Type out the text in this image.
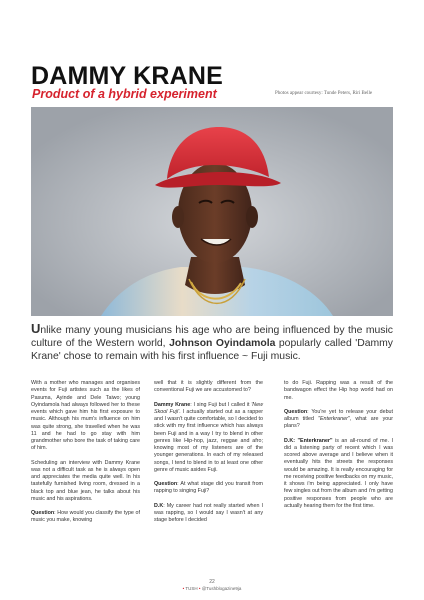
DAMMY KRANE
Product of a hybrid experiment	Photos appear courtesy: Tunde Peters, Riri Belle
Unlike many young musicians his age who are being influenced by the music culture of the Western world, Johnson Oyindamola popularly called 'Dammy Krane' chose to remain with his first influence ~ Fuji music.

With a mother who manages and organises events for Fuji artistes such as the likes of Pasuma, Ayinde and Dele Taiwo; young Oyindamola had always followed her to these events which gave him his first exposure to music. Although his mum's influence on him was quite strong, she travelled when he was 11 and he had to go stay with him grandmother who bore the task of taking care of him.

Scheduling an interview with Dammy Krane was not a difficult task as he is always open and appreciates the media quite well. In his tastefully furnished living room, dressed in a black top and blue jean, he talks about his music and his aspirations.

Question: How would you classify the type of music you make, knowing

well that it is slightly different from the conventional Fuji we are accustomed to?

Dammy Krane: I sing Fuji but I called it 'New Skool Fuji'. I actually started out as a rapper and I wasn't quite comfortable, so I decided to stick with my first influence which has always been Fuji and in a way I try to blend in other genres like Hip-hop, jazz, reggae and afro; knowing most of my listeners are of the younger generations. In each of my released songs, I tend to blend in to at least one other genre of music asides Fuji.

Question: At what stage did you transit from rapping to singing Fuji?

D.K: My career had not really started when I was rapping, so I would say I wasn't at any stage before I decided

to do Fuji. Rapping was a result of the bandwagon effect the Hip hop world had on me.

Question: You're yet to release your debut album titled "Enterkraner", what are your plans?

D.K: "Enterkraner" is an all-round of me. I did a listening party of recent which I was scored above average and I believe when it eventually hits the streets the responses would be amazing. It is really encouraging for me receiving positive feedbacks on my music, it shows i'm being appreciated. I only have few singles out from the album and i'm getting positive responses from people who are actually hearing them for the first time.

22
• TUSH • @Tushblogazine9ja
